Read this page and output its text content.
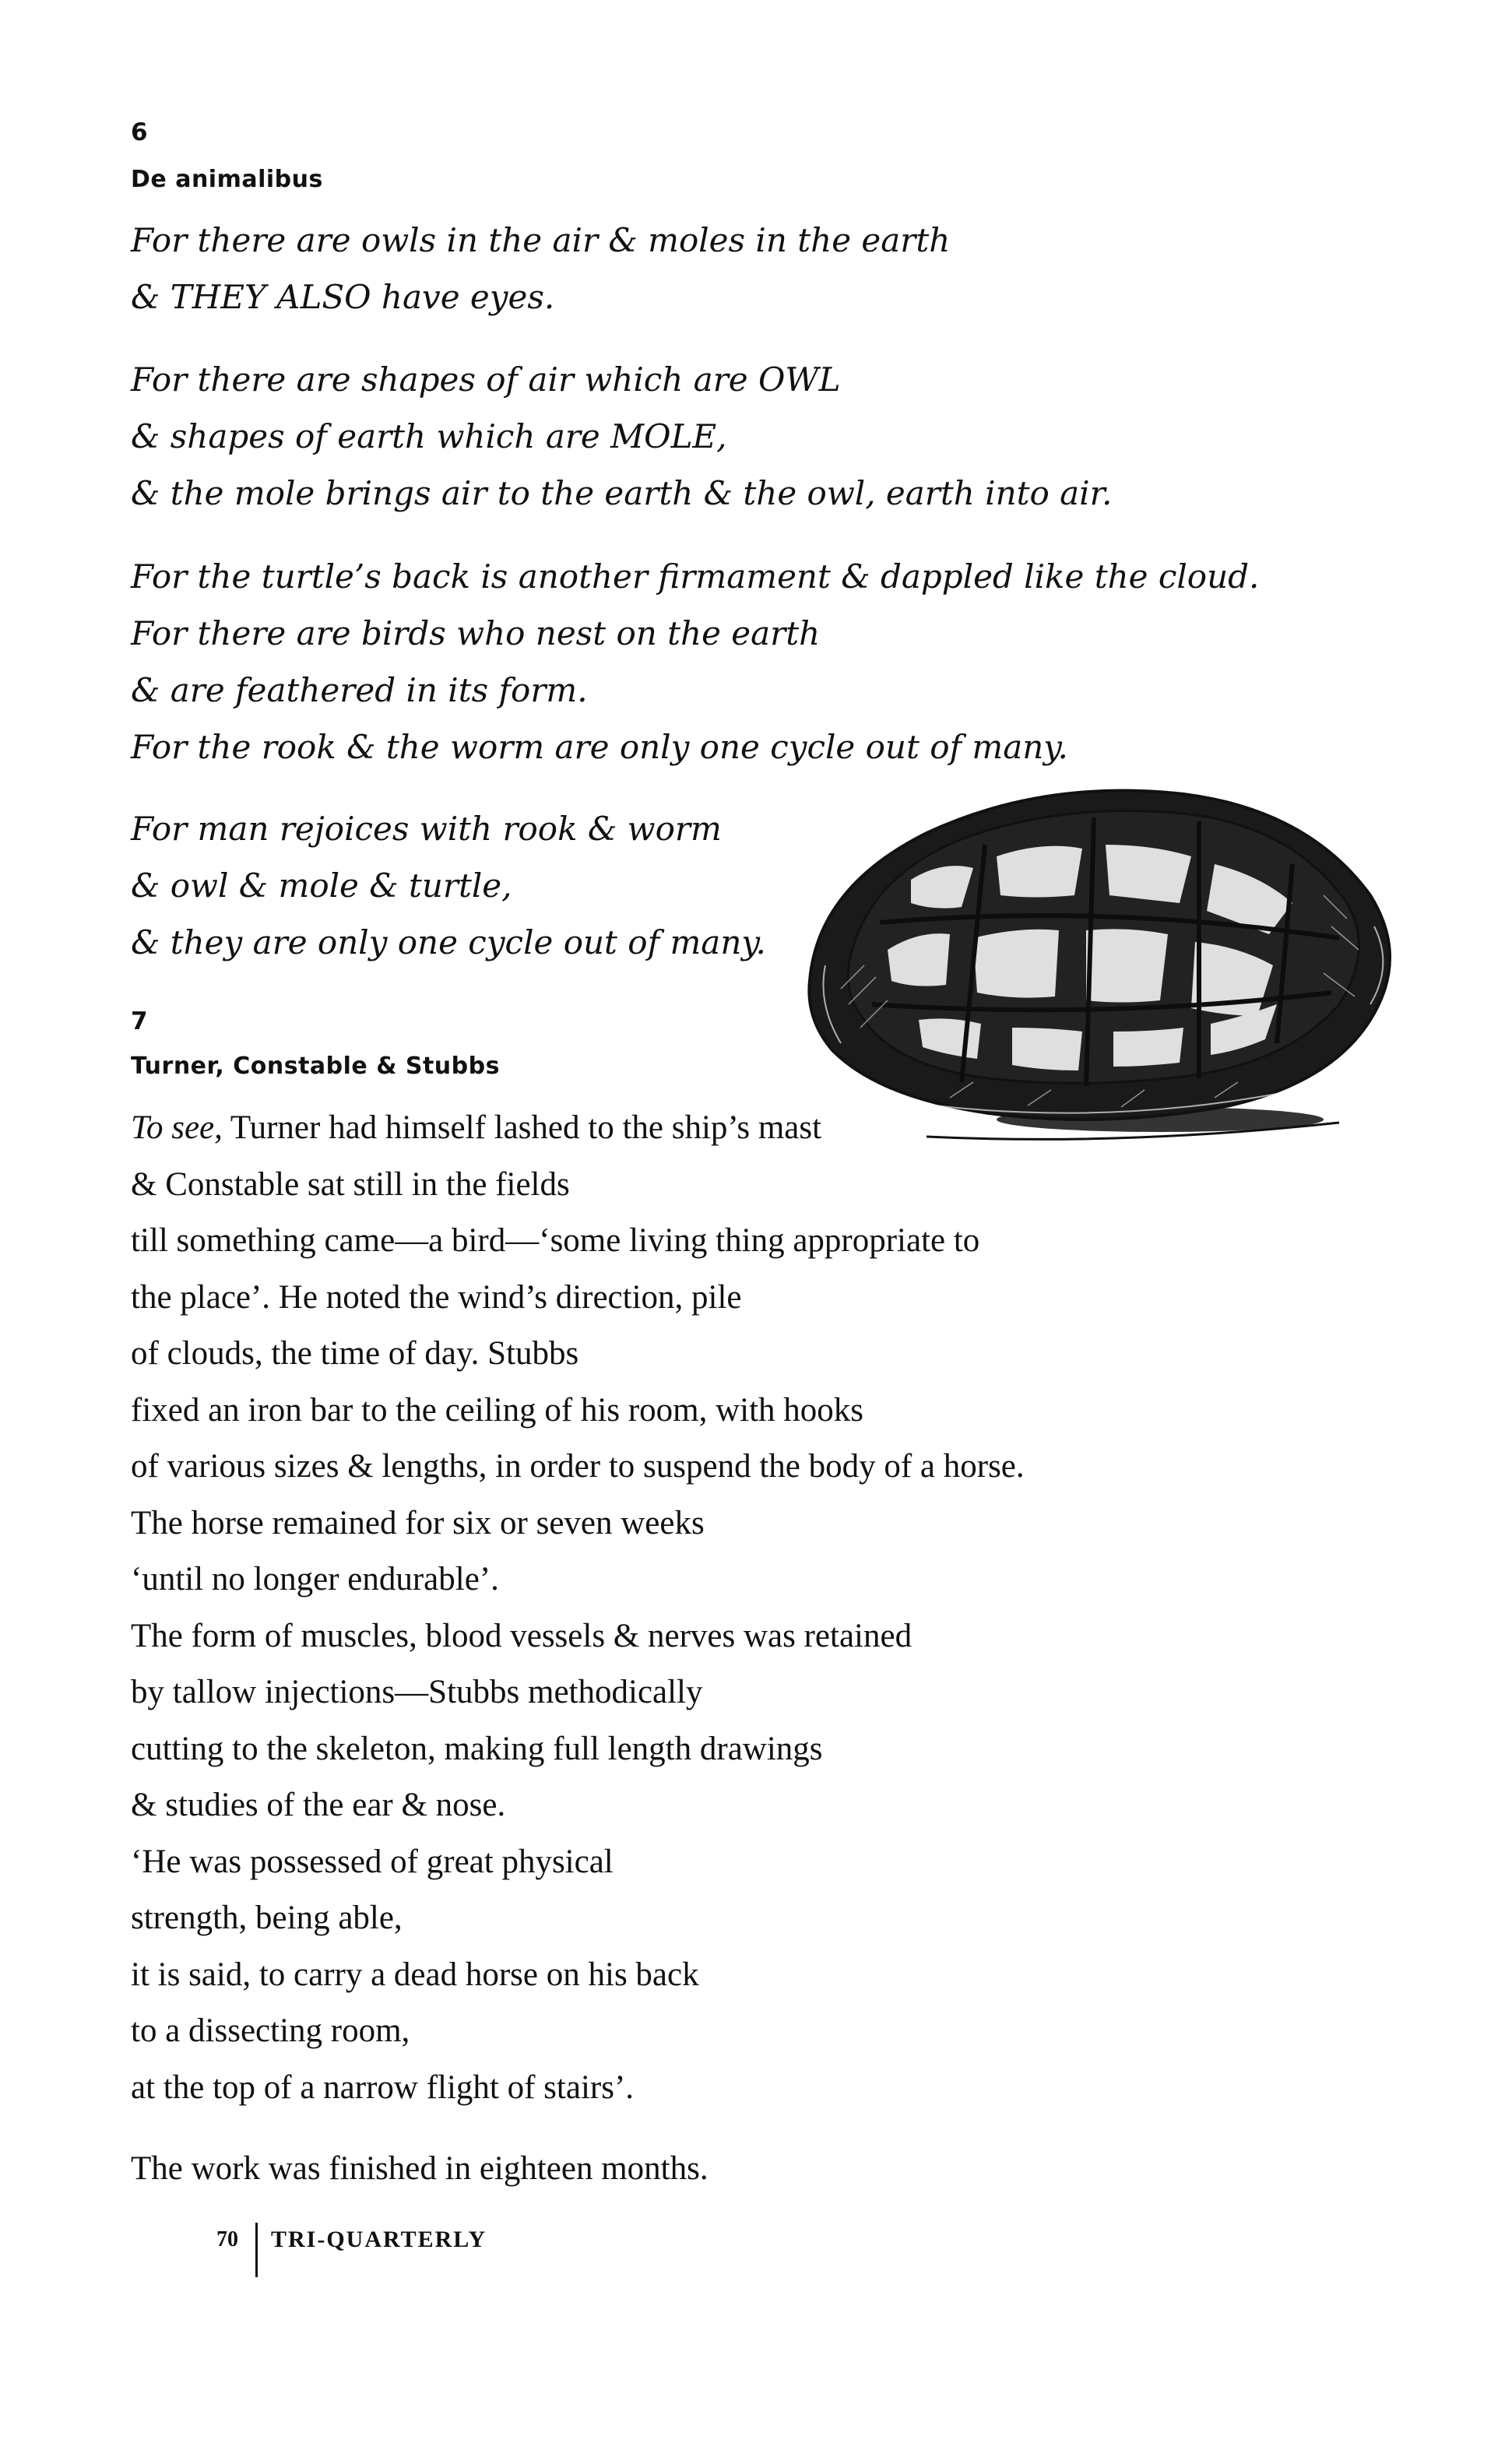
6
De animalibus
For there are owls in the air & moles in the earth
& THEY ALSO have eyes.
For there are shapes of air which are OWL
& shapes of earth which are MOLE,
& the mole brings air to the earth & the owl, earth into air.
For the turtle’s back is another firmament & dappled like the cloud.
For there are birds who nest on the earth
& are feathered in its form.
For the rook & the worm are only one cycle out of many.
For man rejoices with rook & worm
& owl & mole & turtle,
& they are only one cycle out of many.
7
Turner, Constable & Stubbs
To see, Turner had himself lashed to the ship’s mast
& Constable sat still in the fields
till something came—a bird—‘some living thing appropriate to
the place’. He noted the wind’s direction, pile
of clouds, the time of day. Stubbs
fixed an iron bar to the ceiling of his room, with hooks
of various sizes & lengths, in order to suspend the body of a horse.
The horse remained for six or seven weeks
‘until no longer endurable’.
The form of muscles, blood vessels & nerves was retained
by tallow injections—Stubbs methodically
cutting to the skeleton, making full length drawings
& studies of the ear & nose.
‘He was possessed of great physical
strength, being able,
it is said, to carry a dead horse on his back
to a dissecting room,
at the top of a narrow flight of stairs’.
The work was finished in eighteen months.
70 TRI-QUARTERLY
